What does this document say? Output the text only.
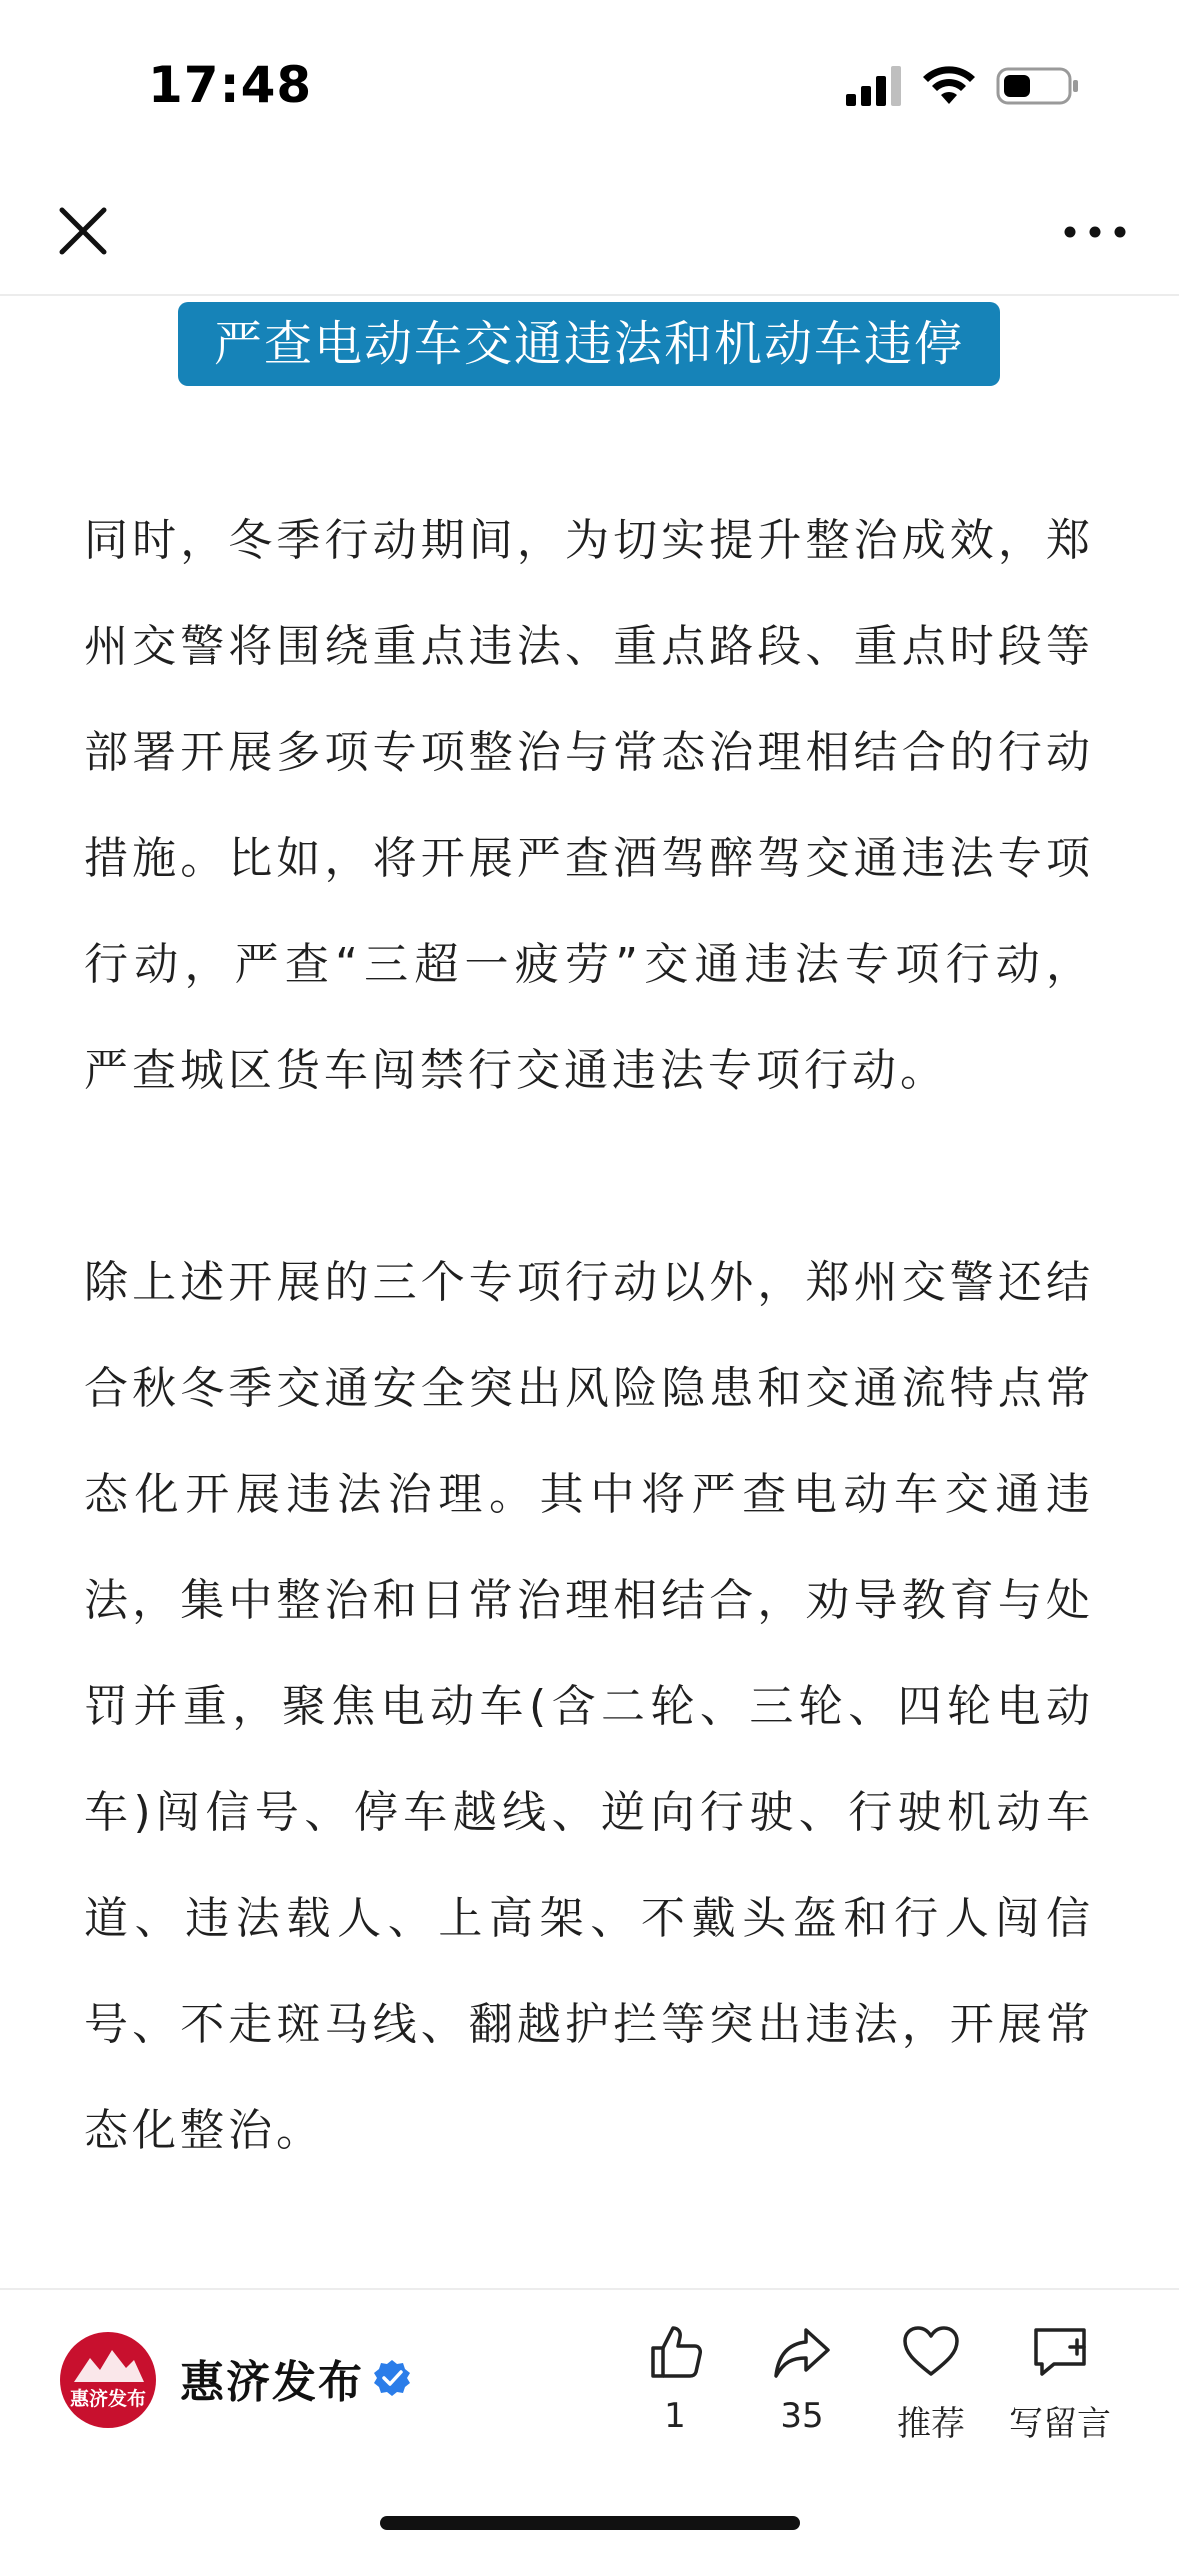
17:48
严查电动车交通违法和机动车违停

同时，冬季行动期间，为切实提升整治成效，郑州交警将围绕重点违法、重点路段、重点时段等部署开展多项专项整治与常态治理相结合的行动措施。比如，将开展严查酒驾醉驾交通违法专项行动，严查“三超一疲劳”交通违法专项行动，严查城区货车闯禁行交通违法专项行动。

除上述开展的三个专项行动以外，郑州交警还结合秋冬季交通安全突出风险隐患和交通流特点常态化开展违法治理。其中将严查电动车交通违法，集中整治和日常治理相结合，劝导教育与处罚并重，聚焦电动车(含二轮、三轮、四轮电动车)闯信号、停车越线、逆向行驶、行驶机动车道、违法载人、上高架、不戴头盔和行人闯信号、不走斑马线、翻越护拦等突出违法，开展常态化整治。

惠济发布 惠济发布
1	35	推荐	写留言
